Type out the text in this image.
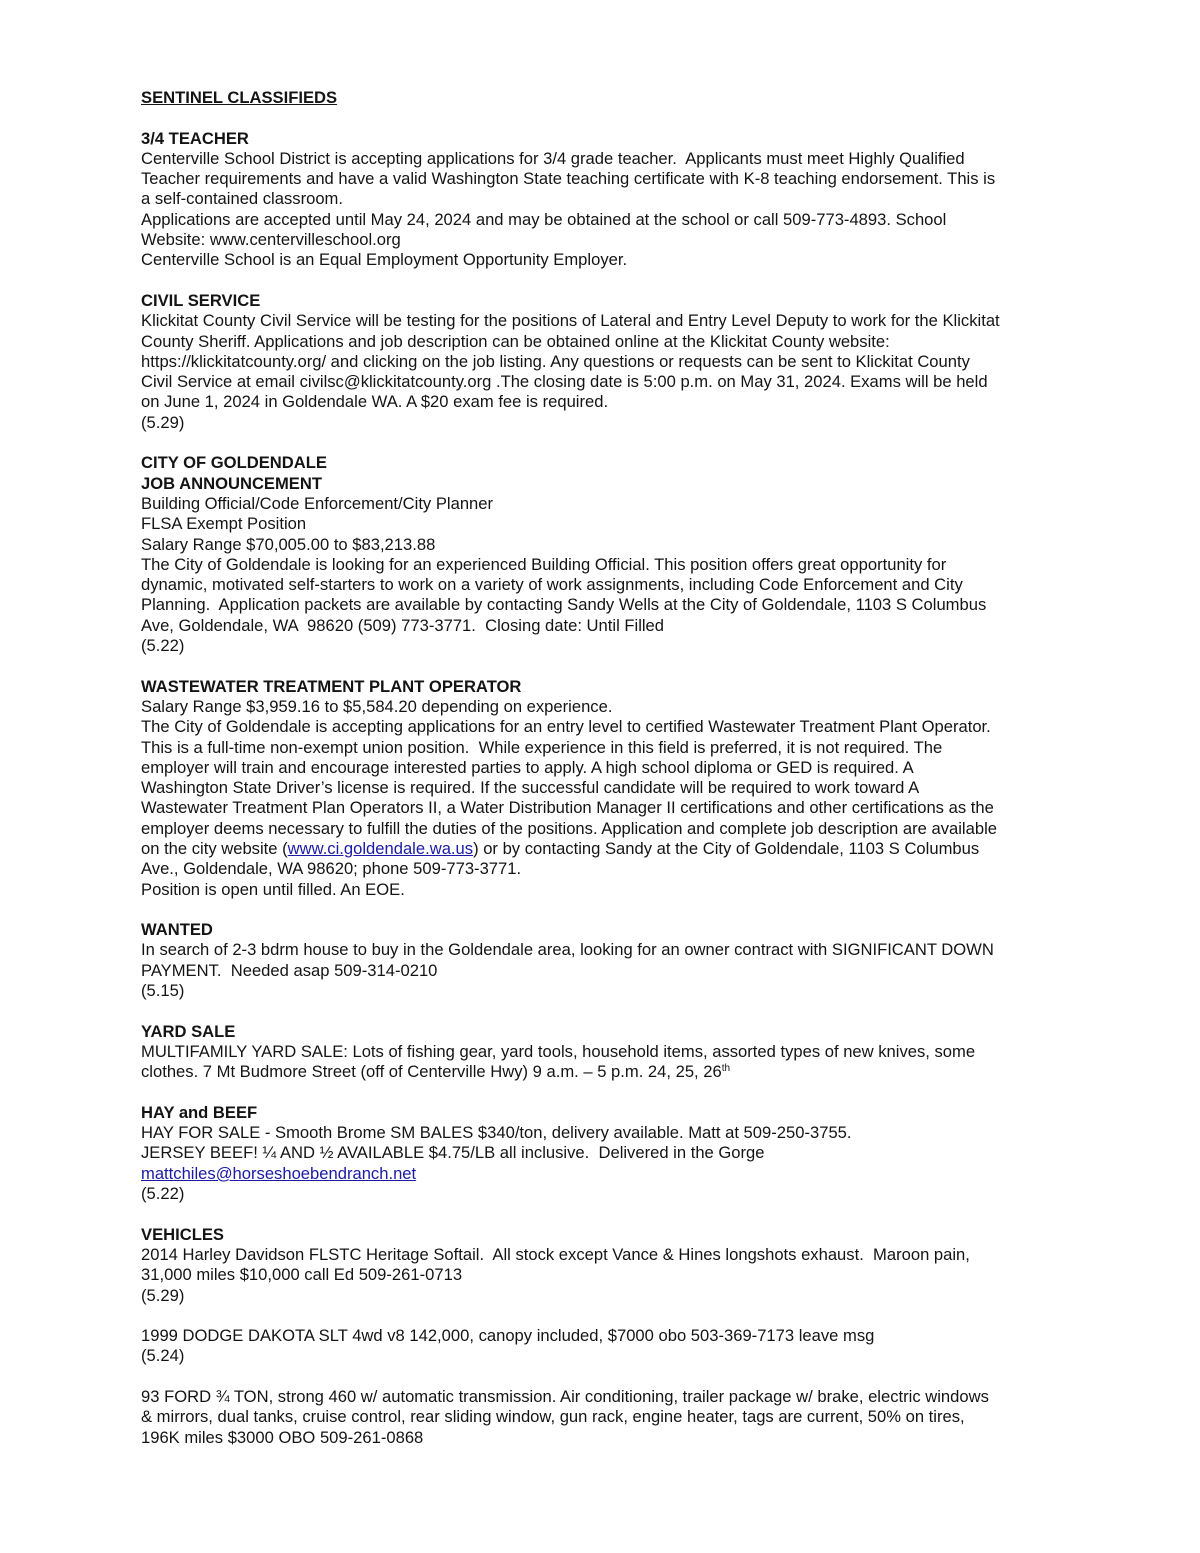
SENTINEL CLASSIFIEDS
3/4 TEACHER
Centerville School District is accepting applications for 3/4 grade teacher.  Applicants must meet Highly Qualified
Teacher requirements and have a valid Washington State teaching certificate with K-8 teaching endorsement. This is
a self-contained classroom.
Applications are accepted until May 24, 2024 and may be obtained at the school or call 509-773-4893. School
Website: www.centervilleschool.org
Centerville School is an Equal Employment Opportunity Employer.
CIVIL SERVICE
Klickitat County Civil Service will be testing for the positions of Lateral and Entry Level Deputy to work for the Klickitat
County Sheriff. Applications and job description can be obtained online at the Klickitat County website:
https://klickitatcounty.org/ and clicking on the job listing. Any questions or requests can be sent to Klickitat County
Civil Service at email civilsc@klickitatcounty.org .The closing date is 5:00 p.m. on May 31, 2024. Exams will be held
on June 1, 2024 in Goldendale WA. A $20 exam fee is required.
(5.29)
CITY OF GOLDENDALE
JOB ANNOUNCEMENT
Building Official/Code Enforcement/City Planner
FLSA Exempt Position
Salary Range $70,005.00 to $83,213.88
The City of Goldendale is looking for an experienced Building Official. This position offers great opportunity for
dynamic, motivated self-starters to work on a variety of work assignments, including Code Enforcement and City
Planning.  Application packets are available by contacting Sandy Wells at the City of Goldendale, 1103 S Columbus
Ave, Goldendale, WA  98620 (509) 773-3771.  Closing date: Until Filled
(5.22)
WASTEWATER TREATMENT PLANT OPERATOR
Salary Range $3,959.16 to $5,584.20 depending on experience.
The City of Goldendale is accepting applications for an entry level to certified Wastewater Treatment Plant Operator.
This is a full-time non-exempt union position.  While experience in this field is preferred, it is not required. The
employer will train and encourage interested parties to apply. A high school diploma or GED is required. A
Washington State Driver’s license is required. If the successful candidate will be required to work toward A
Wastewater Treatment Plan Operators II, a Water Distribution Manager II certifications and other certifications as the
employer deems necessary to fulfill the duties of the positions. Application and complete job description are available
on the city website (www.ci.goldendale.wa.us) or by contacting Sandy at the City of Goldendale, 1103 S Columbus
Ave., Goldendale, WA 98620; phone 509-773-3771.
Position is open until filled. An EOE.
WANTED
In search of 2-3 bdrm house to buy in the Goldendale area, looking for an owner contract with SIGNIFICANT DOWN
PAYMENT.  Needed asap 509-314-0210
(5.15)
YARD SALE
MULTIFAMILY YARD SALE: Lots of fishing gear, yard tools, household items, assorted types of new knives, some
clothes. 7 Mt Budmore Street (off of Centerville Hwy) 9 a.m. – 5 p.m. 24, 25, 26th
HAY and BEEF
HAY FOR SALE - Smooth Brome SM BALES $340/ton, delivery available. Matt at 509-250-3755.
JERSEY BEEF! ¼ AND ½ AVAILABLE $4.75/LB all inclusive.  Delivered in the Gorge
mattchiles@horseshoebendranch.net
(5.22)
VEHICLES
2014 Harley Davidson FLSTC Heritage Softail.  All stock except Vance & Hines longshots exhaust.  Maroon pain,
31,000 miles $10,000 call Ed 509-261-0713
(5.29)
1999 DODGE DAKOTA SLT 4wd v8 142,000, canopy included, $7000 obo 503-369-7173 leave msg
(5.24)
93 FORD ¾ TON, strong 460 w/ automatic transmission. Air conditioning, trailer package w/ brake, electric windows
& mirrors, dual tanks, cruise control, rear sliding window, gun rack, engine heater, tags are current, 50% on tires,
196K miles $3000 OBO 509-261-0868
